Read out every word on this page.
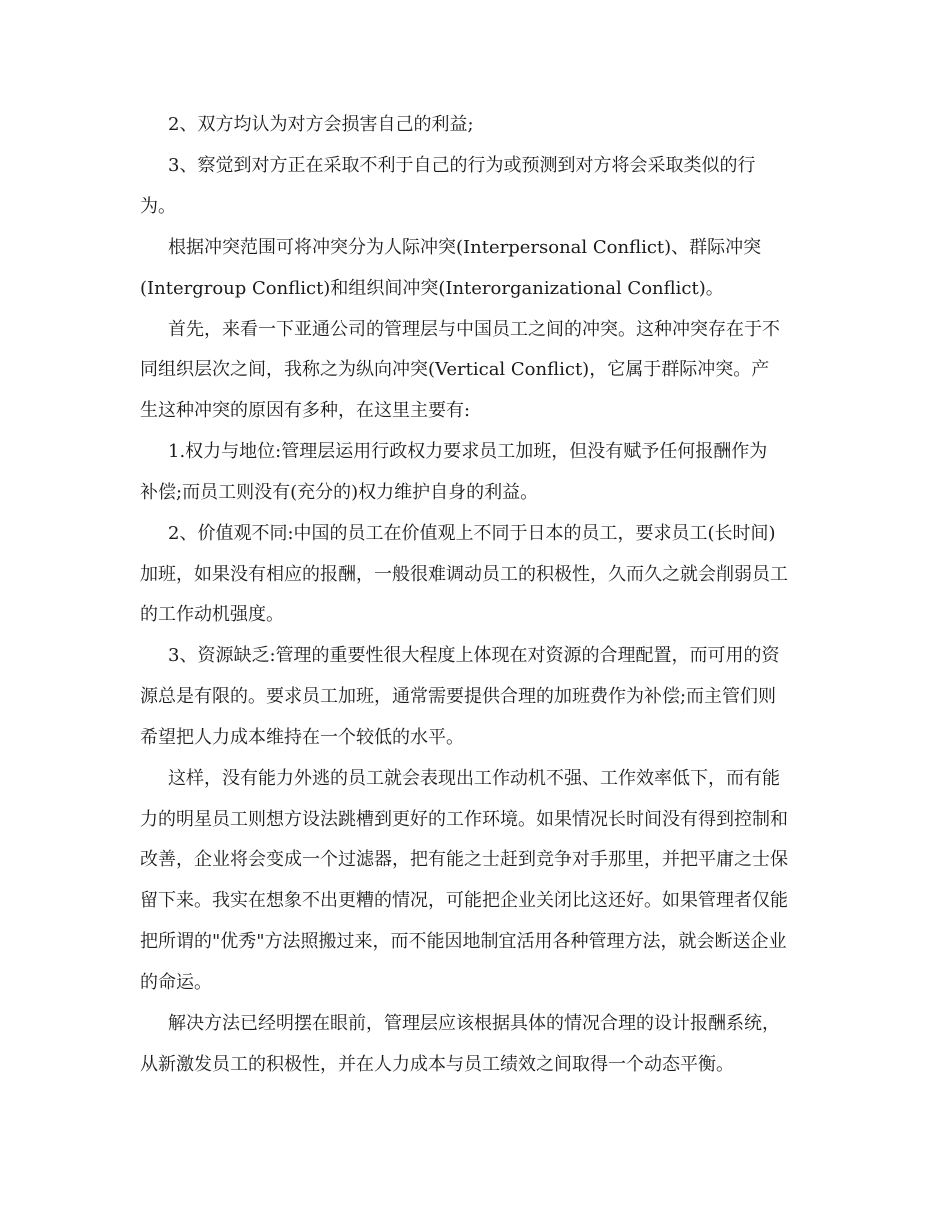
2、双方均认为对方会损害自己的利益;

3、察觉到对方正在采取不利于自己的行为或预测到对方将会采取类似的行

为。

根据冲突范围可将冲突分为人际冲突(Interpersonal Conflict)、群际冲突

(Intergroup Conflict)和组织间冲突(Interorganizational Conflict)。

首先，来看一下亚通公司的管理层与中国员工之间的冲突。这种冲突存在于不

同组织层次之间，我称之为纵向冲突(Vertical Conflict)，它属于群际冲突。产

生这种冲突的原因有多种，在这里主要有:

1.权力与地位:管理层运用行政权力要求员工加班，但没有赋予任何报酬作为

补偿;而员工则没有(充分的)权力维护自身的利益。

2、价值观不同:中国的员工在价值观上不同于日本的员工，要求员工(长时间)

加班，如果没有相应的报酬，一般很难调动员工的积极性，久而久之就会削弱员工

的工作动机强度。

3、资源缺乏:管理的重要性很大程度上体现在对资源的合理配置，而可用的资

源总是有限的。要求员工加班，通常需要提供合理的加班费作为补偿;而主管们则

希望把人力成本维持在一个较低的水平。

这样，没有能力外逃的员工就会表现出工作动机不强、工作效率低下，而有能

力的明星员工则想方设法跳槽到更好的工作环境。如果情况长时间没有得到控制和

改善，企业将会变成一个过滤器，把有能之士赶到竞争对手那里，并把平庸之士保

留下来。我实在想象不出更糟的情况，可能把企业关闭比这还好。如果管理者仅能

把所谓的"优秀"方法照搬过来，而不能因地制宜活用各种管理方法，就会断送企业

的命运。

解决方法已经明摆在眼前，管理层应该根据具体的情况合理的设计报酬系统，

从新激发员工的积极性，并在人力成本与员工绩效之间取得一个动态平衡。
